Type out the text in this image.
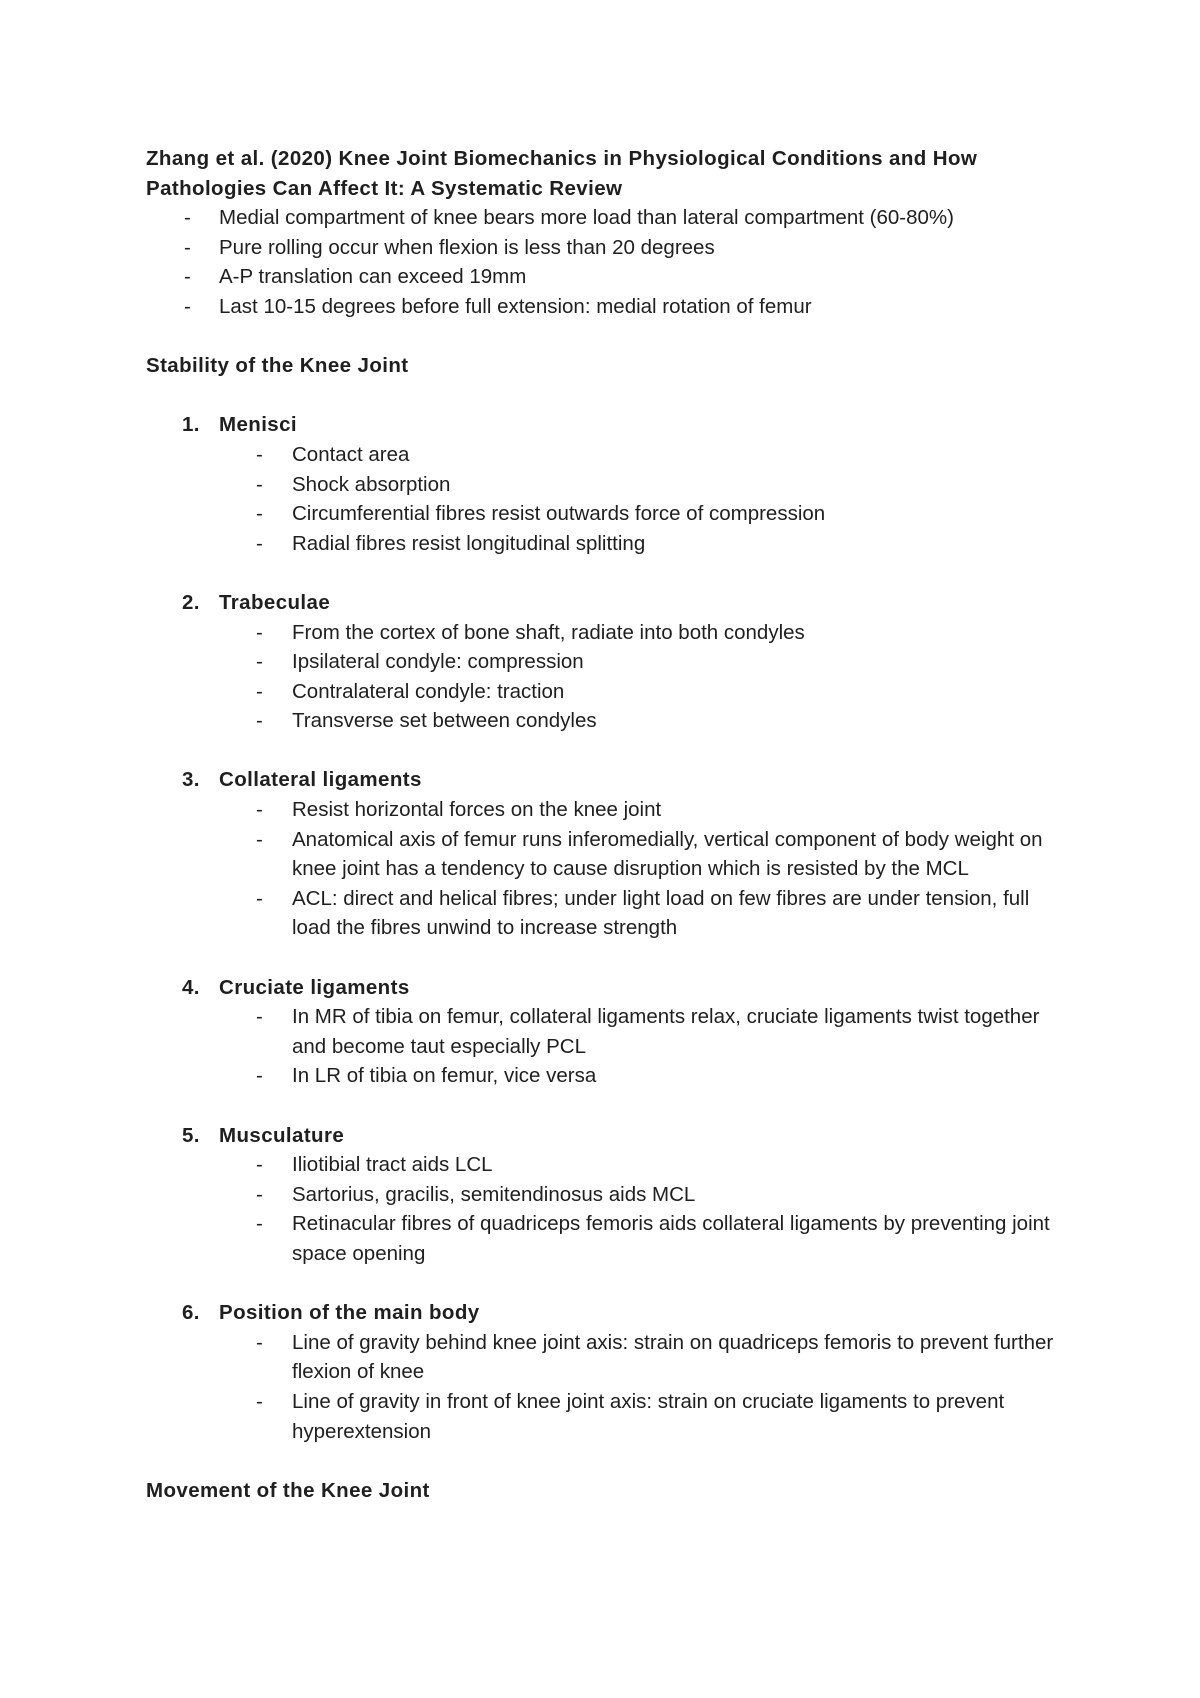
Zhang et al. (2020) Knee Joint Biomechanics in Physiological Conditions and How
Pathologies Can Affect It: A Systematic Review
- Medial compartment of knee bears more load than lateral compartment (60-80%)
- Pure rolling occur when flexion is less than 20 degrees
- A-P translation can exceed 19mm
- Last 10-15 degrees before full extension: medial rotation of femur
Stability of the Knee Joint
1. Menisci
- Contact area
- Shock absorption
- Circumferential fibres resist outwards force of compression
- Radial fibres resist longitudinal splitting
2. Trabeculae
- From the cortex of bone shaft, radiate into both condyles
- Ipsilateral condyle: compression
- Contralateral condyle: traction
- Transverse set between condyles
3. Collateral ligaments
- Resist horizontal forces on the knee joint
- Anatomical axis of femur runs inferomedially, vertical component of body weight on knee joint has a tendency to cause disruption which is resisted by the MCL
- ACL: direct and helical fibres; under light load on few fibres are under tension, full load the fibres unwind to increase strength
4. Cruciate ligaments
- In MR of tibia on femur, collateral ligaments relax, cruciate ligaments twist together and become taut especially PCL
- In LR of tibia on femur, vice versa
5. Musculature
- Iliotibial tract aids LCL
- Sartorius, gracilis, semitendinosus aids MCL
- Retinacular fibres of quadriceps femoris aids collateral ligaments by preventing joint space opening
6. Position of the main body
- Line of gravity behind knee joint axis: strain on quadriceps femoris to prevent further flexion of knee
- Line of gravity in front of knee joint axis: strain on cruciate ligaments to prevent hyperextension
Movement of the Knee Joint
